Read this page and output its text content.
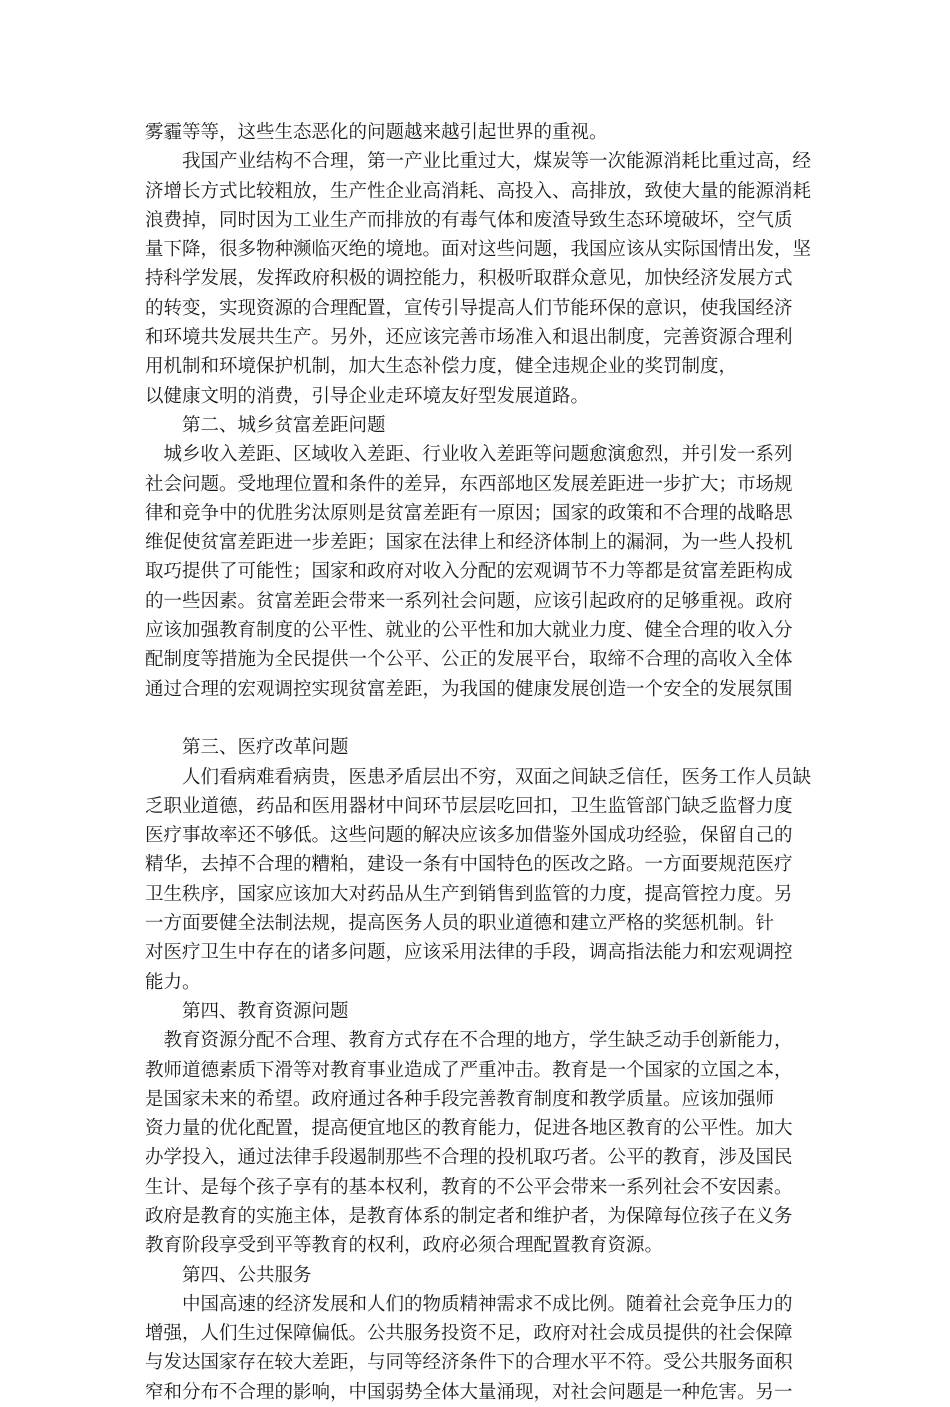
雾霾等等，这些生态恶化的问题越来越引起世界的重视。
　　我国产业结构不合理，第一产业比重过大，煤炭等一次能源消耗比重过高，经
济增长方式比较粗放，生产性企业高消耗、高投入、高排放，致使大量的能源消耗
浪费掉，同时因为工业生产而排放的有毒气体和废渣导致生态环境破坏，空气质
量下降，很多物种濒临灭绝的境地。面对这些问题，我国应该从实际国情出发，坚
持科学发展，发挥政府积极的调控能力，积极听取群众意见，加快经济发展方式
的转变，实现资源的合理配置，宣传引导提高人们节能环保的意识，使我国经济
和环境共发展共生产。另外，还应该完善市场准入和退出制度，完善资源合理利
用机制和环境保护机制，加大生态补偿力度，健全违规企业的奖罚制度，
以健康文明的消费，引导企业走环境友好型发展道路。
　　第二、城乡贫富差距问题
　城乡收入差距、区域收入差距、行业收入差距等问题愈演愈烈，并引发一系列
社会问题。受地理位置和条件的差异，东西部地区发展差距进一步扩大；市场规
律和竞争中的优胜劣汰原则是贫富差距有一原因；国家的政策和不合理的战略思
维促使贫富差距进一步差距；国家在法律上和经济体制上的漏洞，为一些人投机
取巧提供了可能性；国家和政府对收入分配的宏观调节不力等都是贫富差距构成
的一些因素。贫富差距会带来一系列社会问题，应该引起政府的足够重视。政府
应该加强教育制度的公平性、就业的公平性和加大就业力度、健全合理的收入分
配制度等措施为全民提供一个公平、公正的发展平台，取缔不合理的高收入全体
通过合理的宏观调控实现贫富差距，为我国的健康发展创造一个安全的发展氛围
　　第三、医疗改革问题
　　人们看病难看病贵，医患矛盾层出不穷，双面之间缺乏信任，医务工作人员缺
乏职业道德，药品和医用器材中间环节层层吃回扣，卫生监管部门缺乏监督力度
医疗事故率还不够低。这些问题的解决应该多加借鉴外国成功经验，保留自己的
精华，去掉不合理的糟粕，建设一条有中国特色的医改之路。一方面要规范医疗
卫生秩序，国家应该加大对药品从生产到销售到监管的力度，提高管控力度。另
一方面要健全法制法规，提高医务人员的职业道德和建立严格的奖惩机制。针
对医疗卫生中存在的诸多问题，应该采用法律的手段，调高指法能力和宏观调控
能力。
　　第四、教育资源问题
　教育资源分配不合理、教育方式存在不合理的地方，学生缺乏动手创新能力，
教师道德素质下滑等对教育事业造成了严重冲击。教育是一个国家的立国之本，
是国家未来的希望。政府通过各种手段完善教育制度和教学质量。应该加强师
资力量的优化配置，提高便宜地区的教育能力，促进各地区教育的公平性。加大
办学投入，通过法律手段遏制那些不合理的投机取巧者。公平的教育，涉及国民
生计、是每个孩子享有的基本权利，教育的不公平会带来一系列社会不安因素。
政府是教育的实施主体，是教育体系的制定者和维护者，为保障每位孩子在义务
教育阶段享受到平等教育的权利，政府必须合理配置教育资源。
　　第四、公共服务
　　中国高速的经济发展和人们的物质精神需求不成比例。随着社会竞争压力的
增强，人们生过保障偏低。公共服务投资不足，政府对社会成员提供的社会保障
与发达国家存在较大差距，与同等经济条件下的合理水平不符。受公共服务面积
窄和分布不合理的影响，中国弱势全体大量涌现，对社会问题是一种危害。另一
